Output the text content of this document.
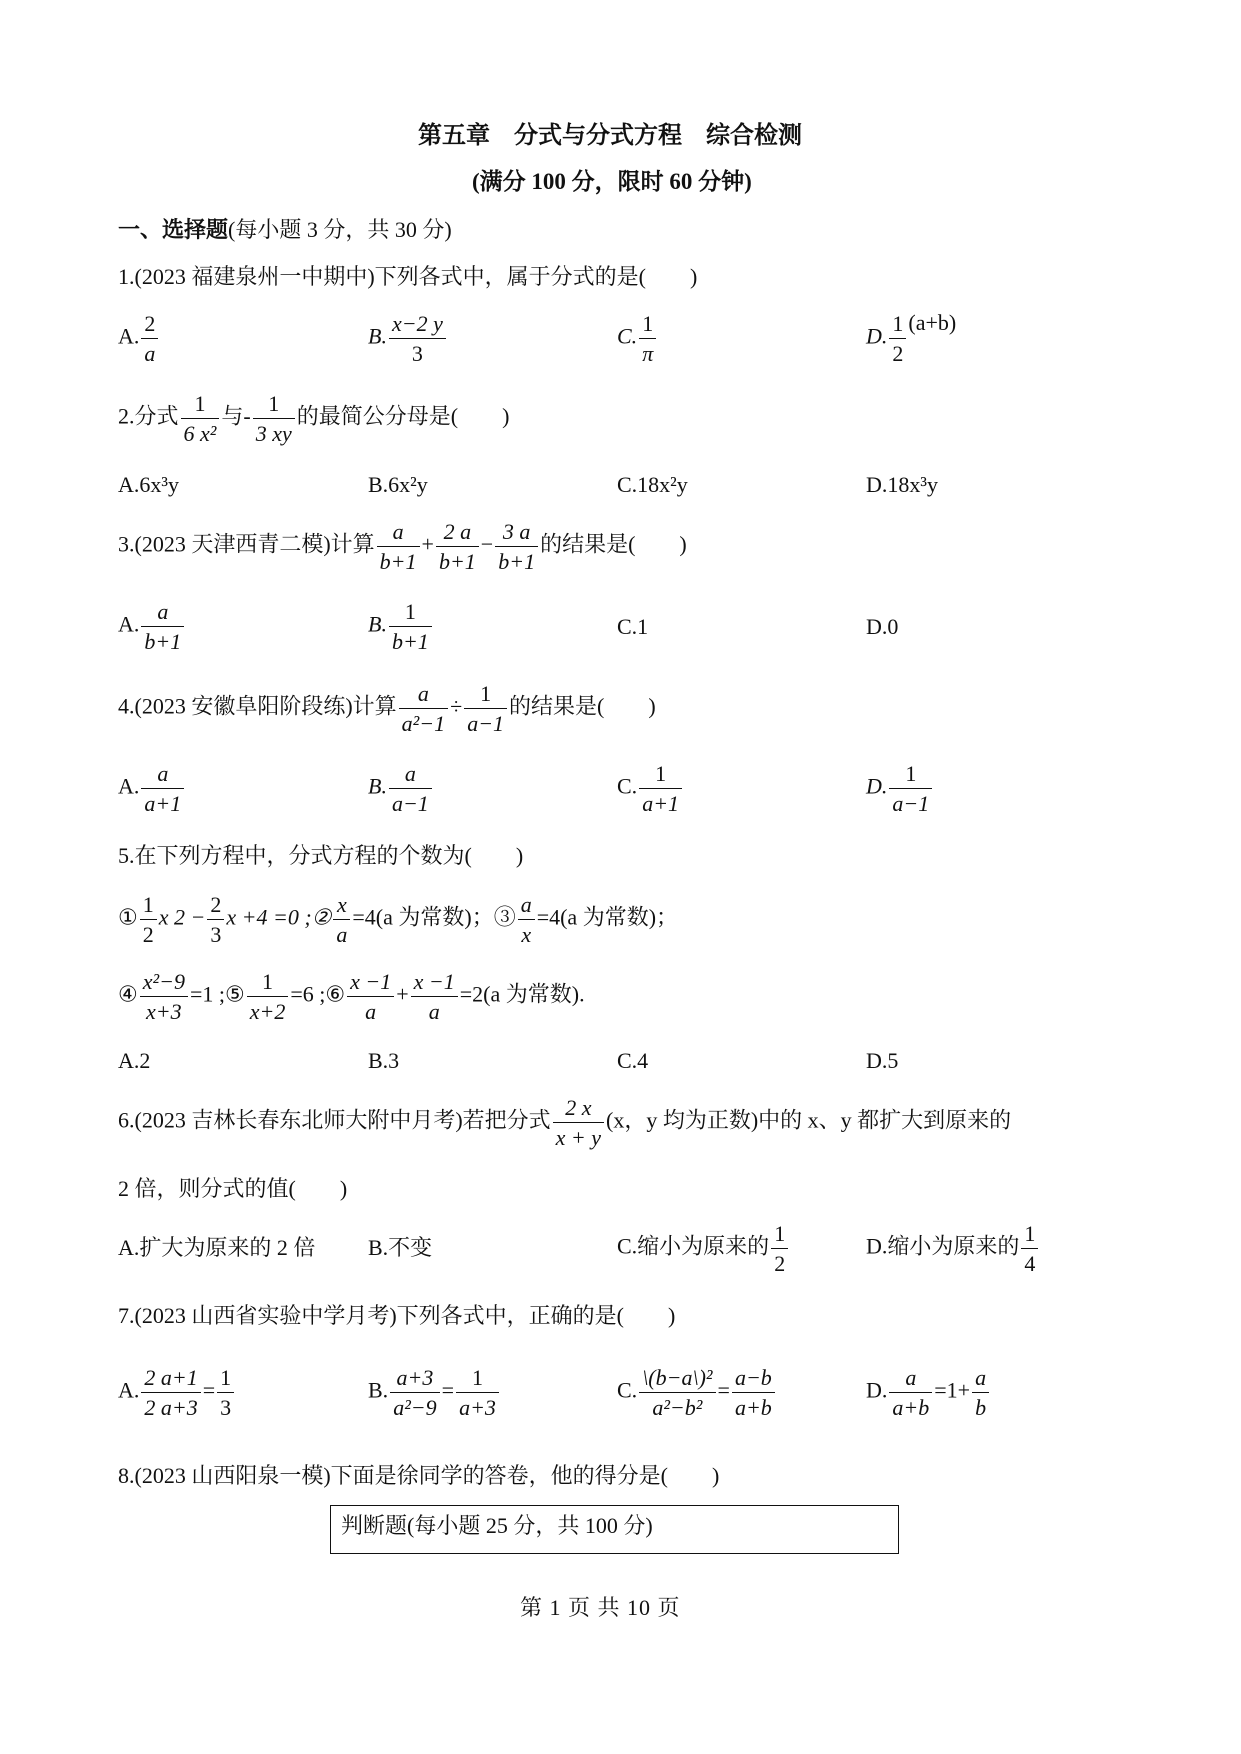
第五章　分式与分式方程　综合检测
(满分 100 分，限时 60 分钟)
一、选择题(每小题 3 分，共 30 分)
1.(2023 福建泉州一中期中)下列各式中，属于分式的是(　　)
A. $\frac{2}{a}$	B. $\frac{x-2 y}{3}$	C. $\frac{1}{\pi}$	D. $\frac{1}{2} (a+b)$
2.分式 $\frac{1}{\text{6 x²}}$ 与- $\frac{1}{3 xy}$ 的最简公分母是(　　)
A.6x³y	B.6x²y	C.18x²y	D.18x³y
3.(2023 天津西青二模)计算 $\frac{a}{b+1} + \frac{2 a}{b+1} - \frac{3 a}{b+1}$ 的结果是(　　)
A. $\frac{a}{b+1}$	B. $\frac{1}{b+1}$	C.1	D.0
4.(2023 安徽阜阳阶段练)计算 $\frac{a}{\text{a²−1}} \div \frac{1}{a-1}$ 的结果是(　　)
A. $\frac{a}{a+1}$	B. $\frac{a}{a-1}$	C. $\frac{1}{a+1}$	D. $\frac{1}{a-1}$
5.在下列方程中，分式方程的个数为(　　)
① $\frac{1}{2}$ x $2 - \frac{2}{3}$ x +4 =0 ;② $\frac{x}{a} =4(a$ 为常数)；③ $\frac{a}{x} =4(a$ 为常数)；
④ $\frac{\text{x²−9}}{x+3} =1$ ;⑤ $\frac{1}{x+2} =6$ ;⑥ $\frac{x -1}{a} + \frac{x -1}{a} =2(a$ 为常数).
A.2	B.3	C.4	D.5
6.(2023 吉林长春东北师大附中月考)若把分式 $\frac{2 x}{x + y} (x$，y 均为正数)中的 x、y 都扩大到原来的
2 倍，则分式的值(　　)
A.扩大为原来的 2 倍 B.不变	C.缩小为原来的 $\frac{1}{2}$	D.缩小为原来的 $\frac{1}{4}$
7.(2023 山西省实验中学月考)下列各式中，正确的是(　　)
A. $\frac{2 a+1}{2 a+3} = \frac{1}{3}$	B. $\frac{a+3}{\text{a²−9}} = \frac{1}{a+3}$	C. $\frac{\text{\textbackslash{}(b−a\textbackslash{})²}}{\text{a²−b²}} = \frac{a-b}{a+b}$	D. $\frac{a}{a+b} =1+ \frac{a}{b}$
8.(2023 山西阳泉一模)下面是徐同学的答卷，他的得分是(　　)
判断题(每小题 25 分，共 100 分)
第 1 页 共 10 页
